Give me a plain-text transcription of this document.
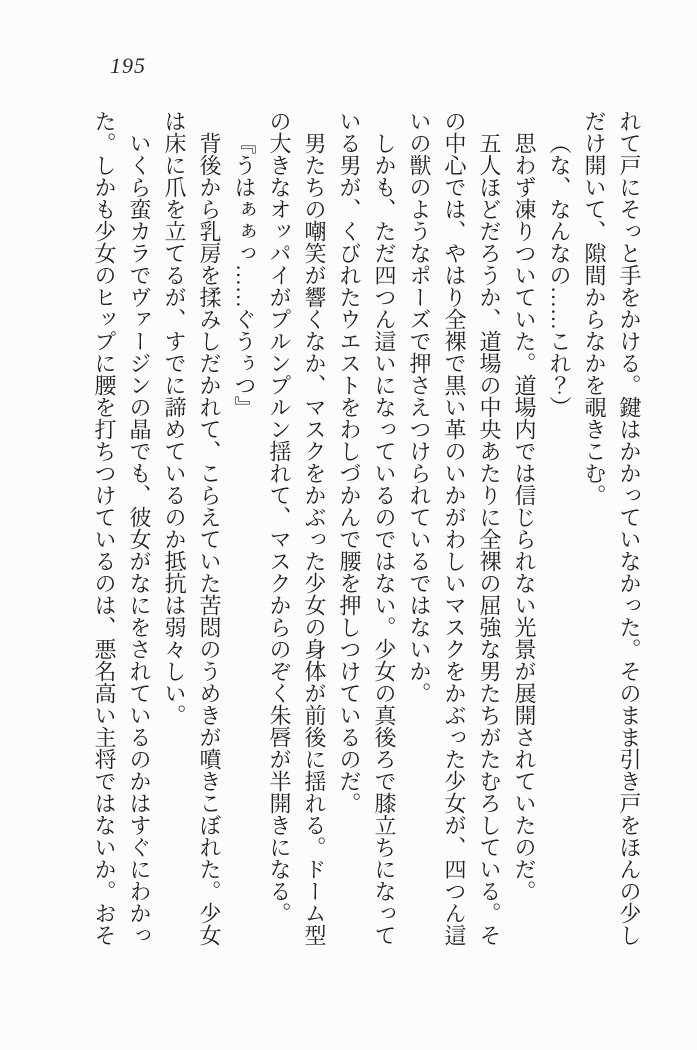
195
れて戸にそっと手をかける。鍵はかかっていなかった。そのまま引き戸をほんの少し
だけ開いて、隙間からなかを覗きこむ。
（な、なんなの……これ？）
思わず凍りついていた。道場内では信じられない光景が展開されていたのだ。
五人ほどだろうか、道場の中央あたりに全裸の屈強な男たちがたむろしている。そ
の中心では、やはり全裸で黒い革のいかがわしいマスクをかぶった少女が、四つん這
いの獣のようなポーズで押さえつけられているではないか。
しかも、ただ四つん這いになっているのではない。少女の真後ろで膝立ちになって
いる男が、くびれたウエストをわしづかんで腰を押しつけているのだ。
男たちの嘲笑が響くなか、マスクをかぶった少女の身体が前後に揺れる。ドーム型
の大きなオッパイがプルンプルン揺れて、マスクからのぞく朱唇が半開きになる。
『うはぁぁっ……ぐうぅつ』
背後から乳房を揉みしだかれて、こらえていた苦悶のうめきが噴きこぼれた。少女
は床に爪を立てるが、すでに諦めているのか抵抗は弱々しい。
いくら蛮カラでヴァージンの晶でも、彼女がなにをされているのかはすぐにわかっ
た。しかも少女のヒップに腰を打ちつけているのは、悪名高い主将ではないか。おそ
